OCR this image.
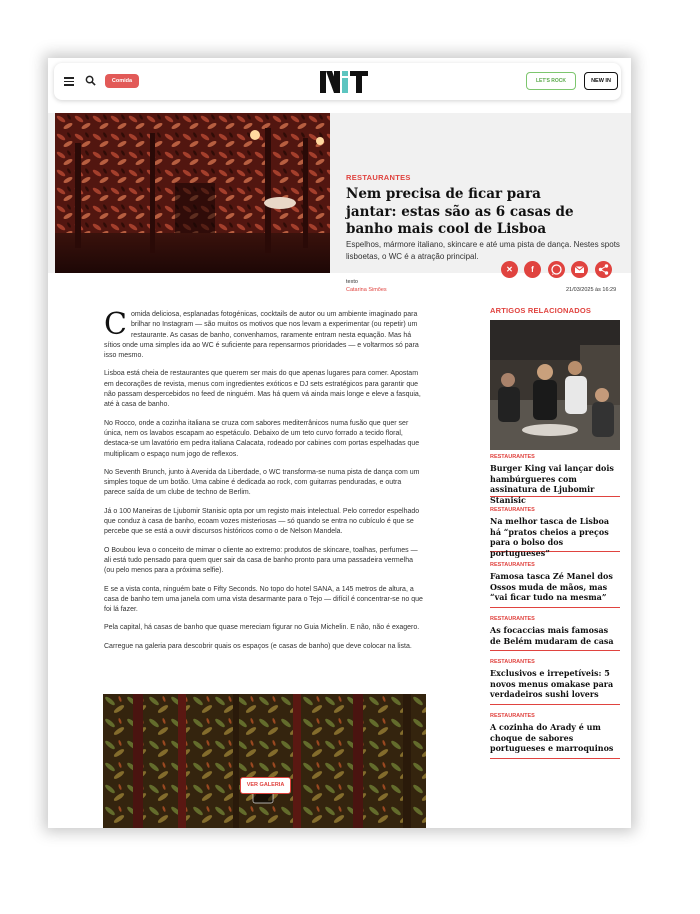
Comida	LET'S ROCK	NEW IN
RESTAURANTES
Nem precisa de ficar para jantar: estas são as 6 casas de banho mais cool de Lisboa
Espelhos, mármore italiano, skincare e até uma pista de dança. Nestes spots lisboetas, o WC é a atração principal.
texto
Catarina Simões	21/03/2025 às 16:29
✕	f

Comida deliciosa, esplanadas fotogénicas, cocktails de autor ou um ambiente imaginado para brilhar no Instagram — são muitos os motivos que nos levam a experimentar (ou repetir) um restaurante. As casas de banho, convenhamos, raramente entram nesta equação. Mas há sítios onde uma simples ida ao WC é suficiente para repensarmos prioridades — e voltarmos só para isso mesmo.

Lisboa está cheia de restaurantes que querem ser mais do que apenas lugares para comer. Apostam em decorações de revista, menus com ingredientes exóticos e DJ sets estratégicos para garantir que não passam despercebidos no feed de ninguém. Mas há quem vá ainda mais longe e eleve a fasquia, até à casa de banho.

No Rocco, onde a cozinha italiana se cruza com sabores mediterrânicos numa fusão que quer ser única, nem os lavabos escapam ao espetáculo. Debaixo de um teto curvo forrado a tecido floral, destaca-se um lavatório em pedra italiana Calacata, rodeado por cabines com portas espelhadas que multiplicam o espaço num jogo de reflexos.

No Seventh Brunch, junto à Avenida da Liberdade, o WC transforma-se numa pista de dança com um simples toque de um botão. Uma cabine é dedicada ao rock, com guitarras penduradas, e outra parece saída de um clube de techno de Berlim.

Já o 100 Maneiras de Ljubomir Stanisic opta por um registo mais intelectual. Pelo corredor espelhado que conduz à casa de banho, ecoam vozes misteriosas — só quando se entra no cubículo é que se percebe que se está a ouvir discursos históricos como o de Nelson Mandela.

O Boubou leva o conceito de mimar o cliente ao extremo: produtos de skincare, toalhas, perfumes — ali está tudo pensado para quem quer sair da casa de banho pronto para uma passadeira vermelha (ou pelo menos para a próxima selfie).

E se a vista conta, ninguém bate o Fifty Seconds. No topo do hotel SANA, a 145 metros de altura, a casa de banho tem uma janela com uma vista desarmante para o Tejo — difícil é concentrar-se no que foi lá fazer.

Pela capital, há casas de banho que quase mereciam figurar no Guia Michelin. E não, não é exagero.

Carregue na galeria para descobrir quais os espaços (e casas de banho) que deve colocar na lista.

VER GALERIA
ARTIGOS RELACIONADOS
RESTAURANTES
Burger King vai lançar dois hambúrgueres com assinatura de Ljubomir Stanisic
RESTAURANTES
Na melhor tasca de Lisboa há “pratos cheios a preços para o bolso dos portugueses”
RESTAURANTES
Famosa tasca Zé Manel dos Ossos muda de mãos, mas “vai ficar tudo na mesma”
RESTAURANTES
As focaccias mais famosas de Belém mudaram de casa
RESTAURANTES
Exclusivos e irrepetíveis: 5 novos menus omakase para verdadeiros sushi lovers
RESTAURANTES
A cozinha do Arady é um choque de sabores portugueses e marroquinos
